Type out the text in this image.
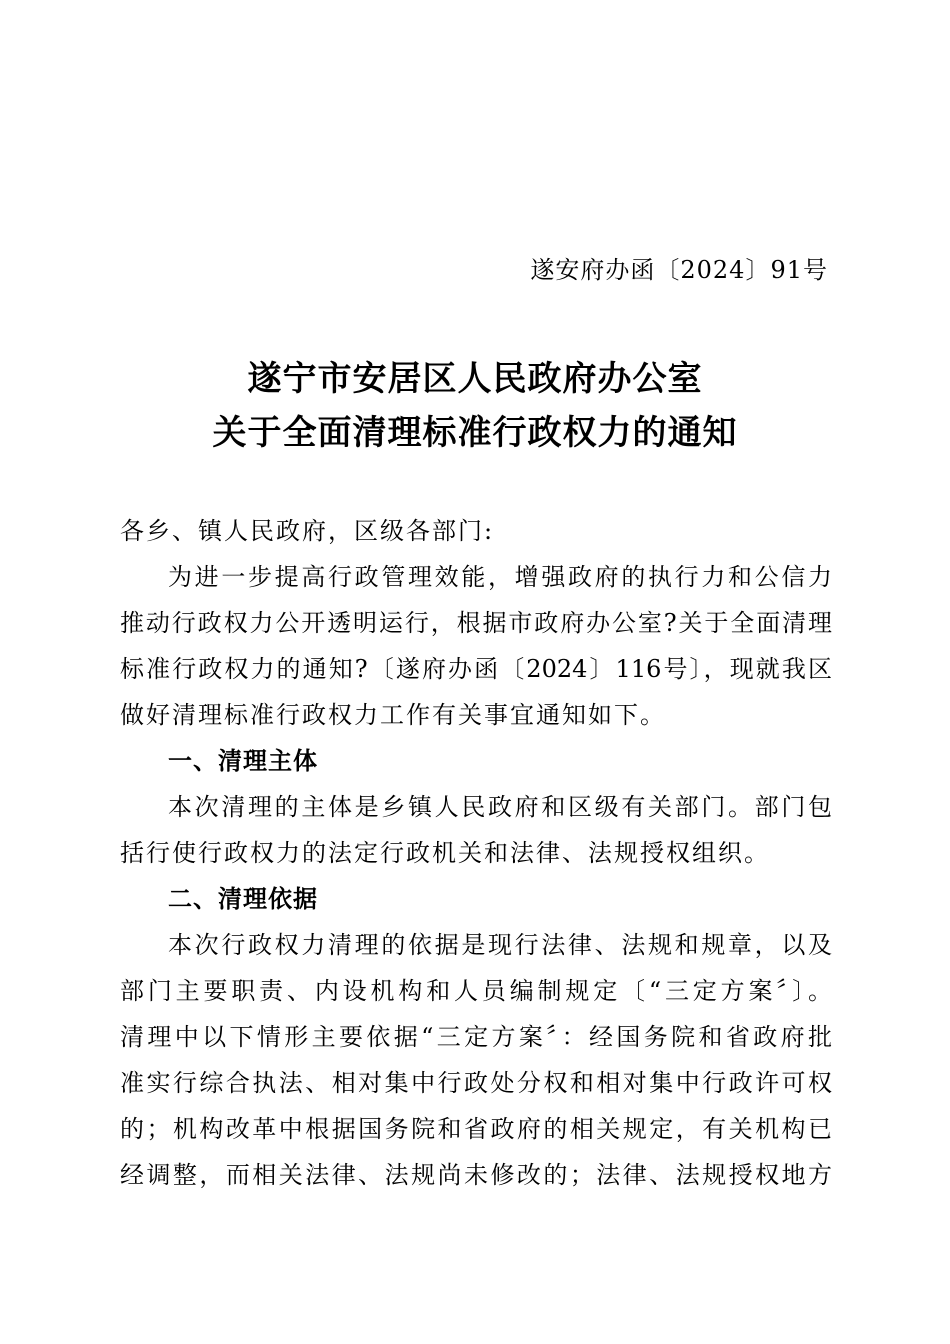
遂安府办函〔2024〕91号
遂宁市安居区人民政府办公室
关于全面清理标准行政权力的通知
各乡、镇人民政府，区级各部门:
为进一步提高行政管理效能，增强政府的执行力和公信力
推动行政权力公开透明运行，根据市政府办公室?关于全面清理
标准行政权力的通知?〔遂府办函〔2024〕116号〕，现就我区
做好清理标准行政权力工作有关事宜通知如下。
一、清理主体
本次清理的主体是乡镇人民政府和区级有关部门。部门包
括行使行政权力的法定行政机关和法律、法规授权组织。
二、清理依据
本次行政权力清理的依据是现行法律、法规和规章，以及
部门主要职责、内设机构和人员编制规定〔“三定方案〞〕。
清理中以下情形主要依据“三定方案〞：经国务院和省政府批
准实行综合执法、相对集中行政处分权和相对集中行政许可权
的；机构改革中根据国务院和省政府的相关规定，有关机构已
经调整，而相关法律、法规尚未修改的；法律、法规授权地方
